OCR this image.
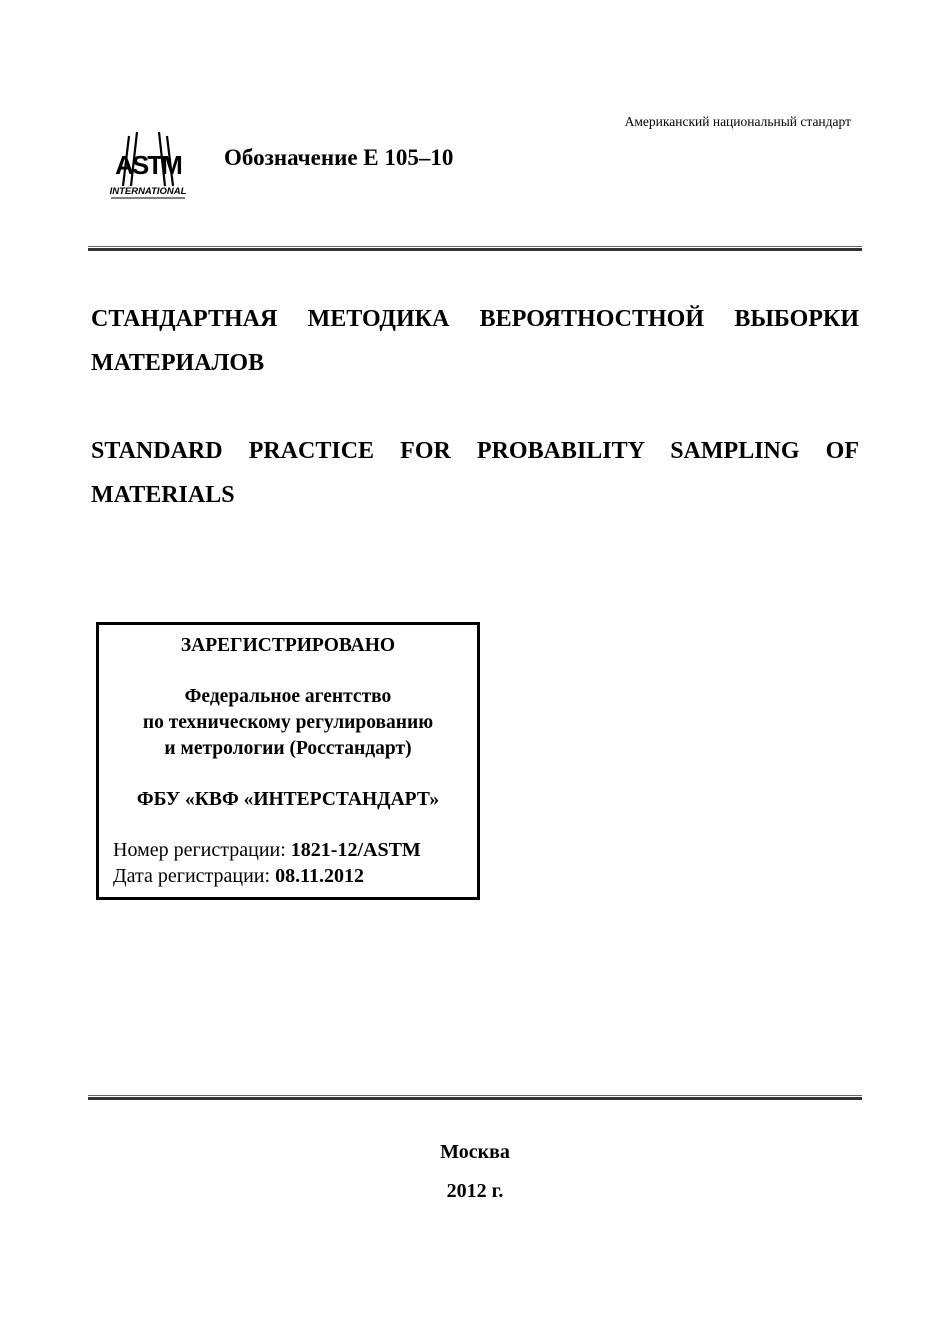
Американский национальный стандарт
ASTM
INTERNATIONAL
Обозначение E 105–10
СТАНДАРТНАЯ МЕТОДИКА ВЕРОЯТНОСТНОЙ ВЫБОРКИ МАТЕРИАЛОВ
STANDARD PRACTICE FOR PROBABILITY SAMPLING OF MATERIALS
ЗАРЕГИСТРИРОВАНО
Федеральное агентство
по техническому регулированию
и метрологии (Росстандарт)
ФБУ «КВФ «ИНТЕРСТАНДАРТ»
Номер регистрации: 1821-12/ASTM
Дата регистрации: 08.11.2012
Москва
2012 г.
